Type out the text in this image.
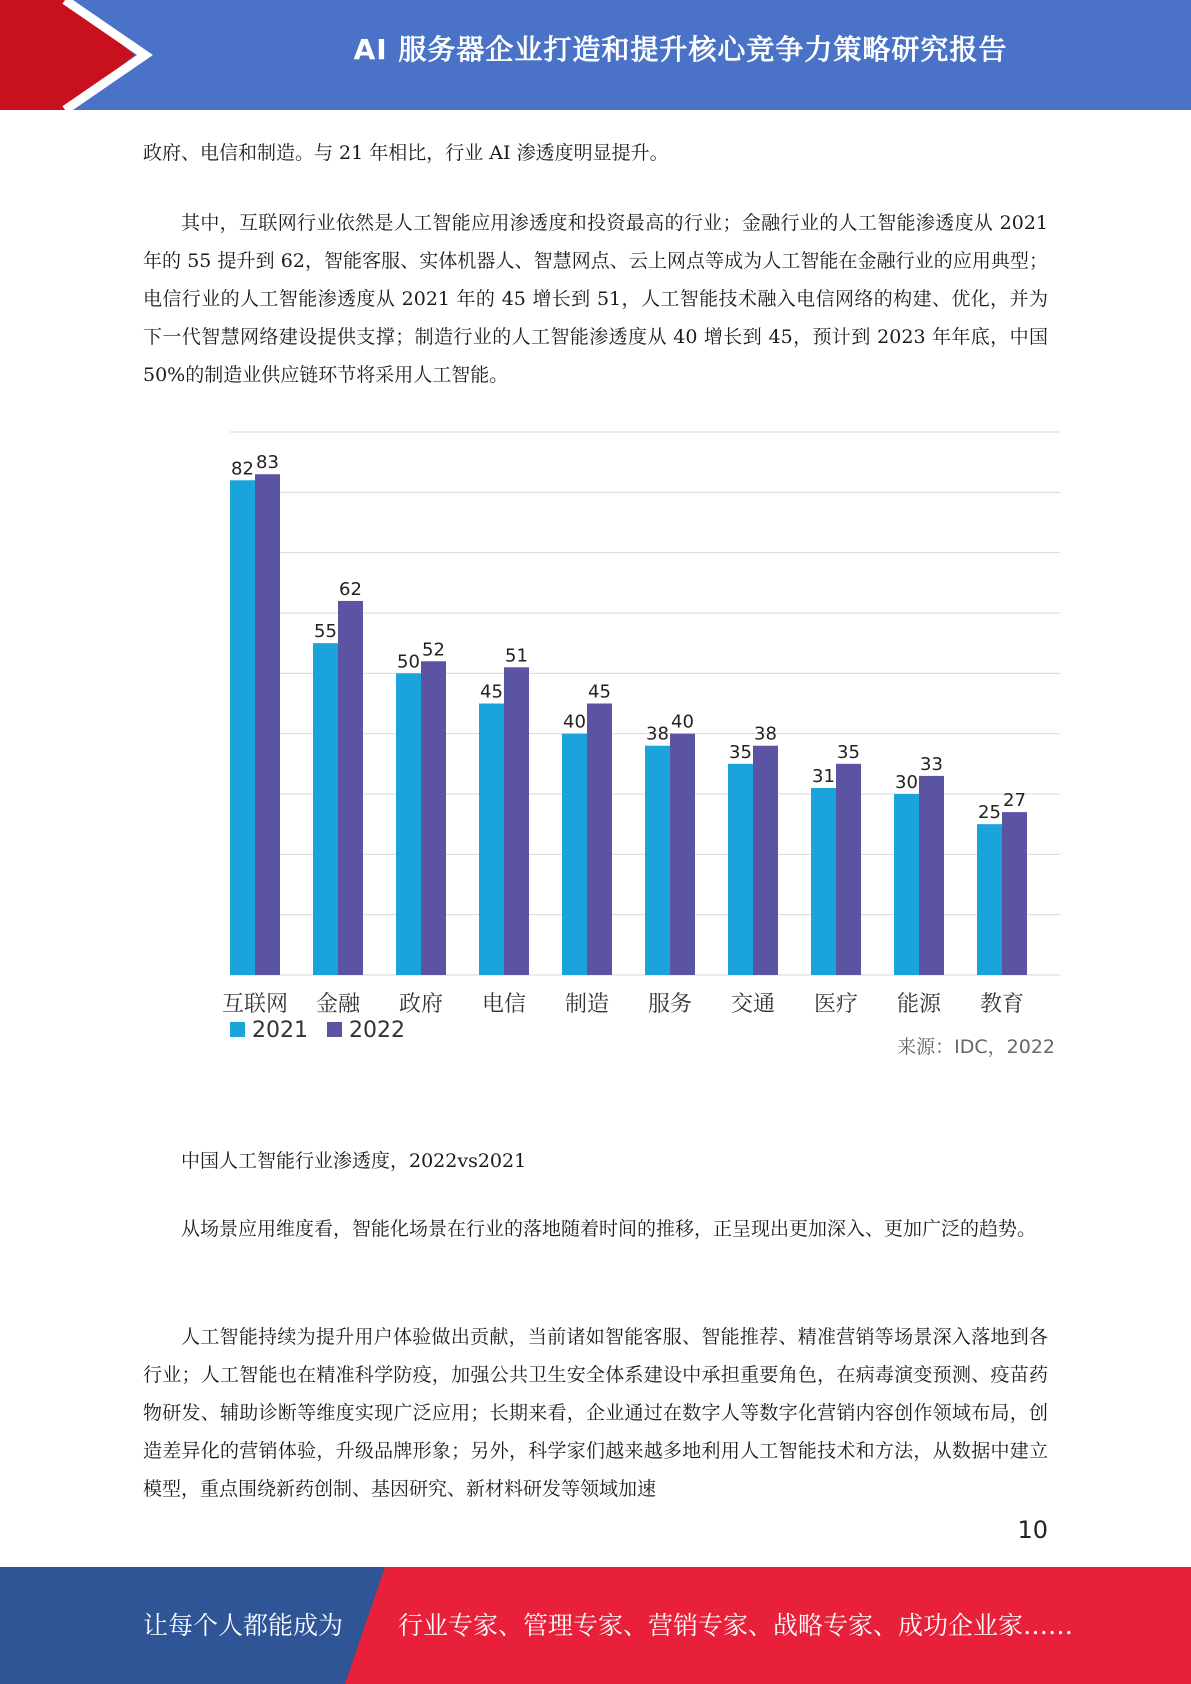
AI 服务器企业打造和提升核心竞争力策略研究报告

政府、电信和制造。与 21 年相比，行业 AI 渗透度明显提升。

其中，互联网行业依然是人工智能应用渗透度和投资最高的行业；金融行业的人工智能渗透度从 2021 年的 55 提升到 62，智能客服、实体机器人、智慧网点、云上网点等成为人工智能在金融行业的应用典型；电信行业的人工智能渗透度从 2021 年的 45 增长到 51，人工智能技术融入电信网络的构建、优化，并为下一代智慧网络建设提供支撑；制造行业的人工智能渗透度从 40 增长到 45，预计到 2023 年年底，中国 50%的制造业供应链环节将采用人工智能。

82 83
互联网
55
62
金融
50
52
政府
45
51
电信
40
45
制造
38
40
服务
35
38
交通
31
35
医疗
30
33
能源
25
27
教育
2021 2022
来源：IDC，2022

中国人工智能行业渗透度，2022vs2021

从场景应用维度看，智能化场景在行业的落地随着时间的推移，正呈现出更加深入、更加广泛的趋势。

人工智能持续为提升用户体验做出贡献，当前诸如智能客服、智能推荐、精准营销等场景深入落地到各行业；人工智能也在精准科学防疫，加强公共卫生安全体系建设中承担重要角色，在病毒演变预测、疫苗药物研发、辅助诊断等维度实现广泛应用；长期来看，企业通过在数字人等数字化营销内容创作领域布局，创造差异化的营销体验，升级品牌形象；另外，科学家们越来越多地利用人工智能技术和方法，从数据中建立模型，重点围绕新药创制、基因研究、新材料研发等领域加速

10
让每个人都能成为 行业专家、管理专家、营销专家、战略专家、成功企业家……
